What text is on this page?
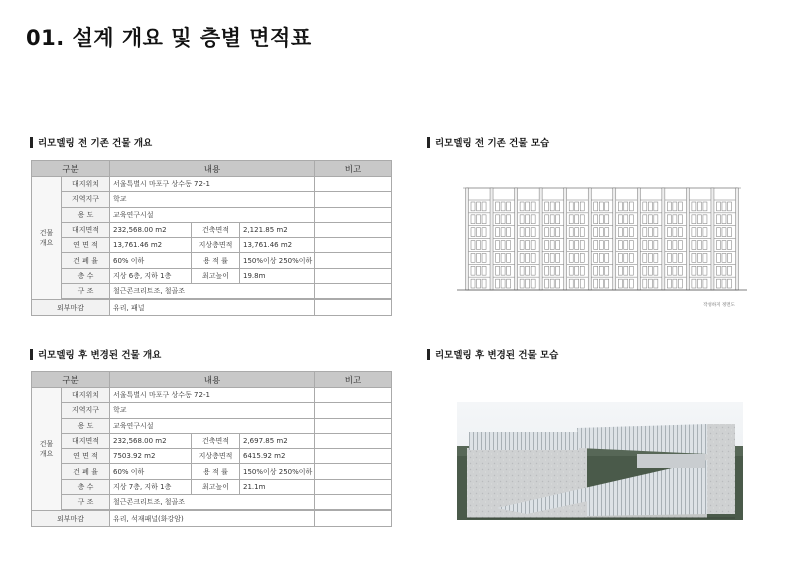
01. 설계 개요 및 층별 면적표
리모델링 전 기존 건물 개요
구분		내용			비고
건물
개요	대지위치	서울특별시 마포구 상수동 72-1			
	지역지구	학교			
	용 도	교육연구시설			
	대지면적	232,568.00 m2	건축면적	2,121.85 m2	
	연 면 적	13,761.46 m2	지상층면적	13,761.46 m2	
	건 폐 율	60% 이하	용 적 률	150%이상 250%이하	
	층 수	지상 6층, 지하 1층	최고높이	19.8m	
	구 조	철근콘크리트조, 철골조			

외부마감		유리, 패널			
리모델링 후 변경된 건물 개요
구분		내용			비고
건물
개요	대지위치	서울특별시 마포구 상수동 72-1			
	지역지구	학교			
	용 도	교육연구시설			
	대지면적	232,568.00 m2	건축면적	2,697.85 m2	
	연 면 적	7503.92 m2	지상층면적	6415.92 m2	
	건 폐 율	60% 이하	용 적 률	150%이상 250%이하	
	층 수	지상 7층, 지하 1층	최고높이	21.1m	
	구 조	철근콘크리트조, 철골조			

외부마감		유리, 석재패널(화강암)			
리모델링 전 기존 건물 모습
작성하지 정면도
리모델링 후 변경된 건물 모습
